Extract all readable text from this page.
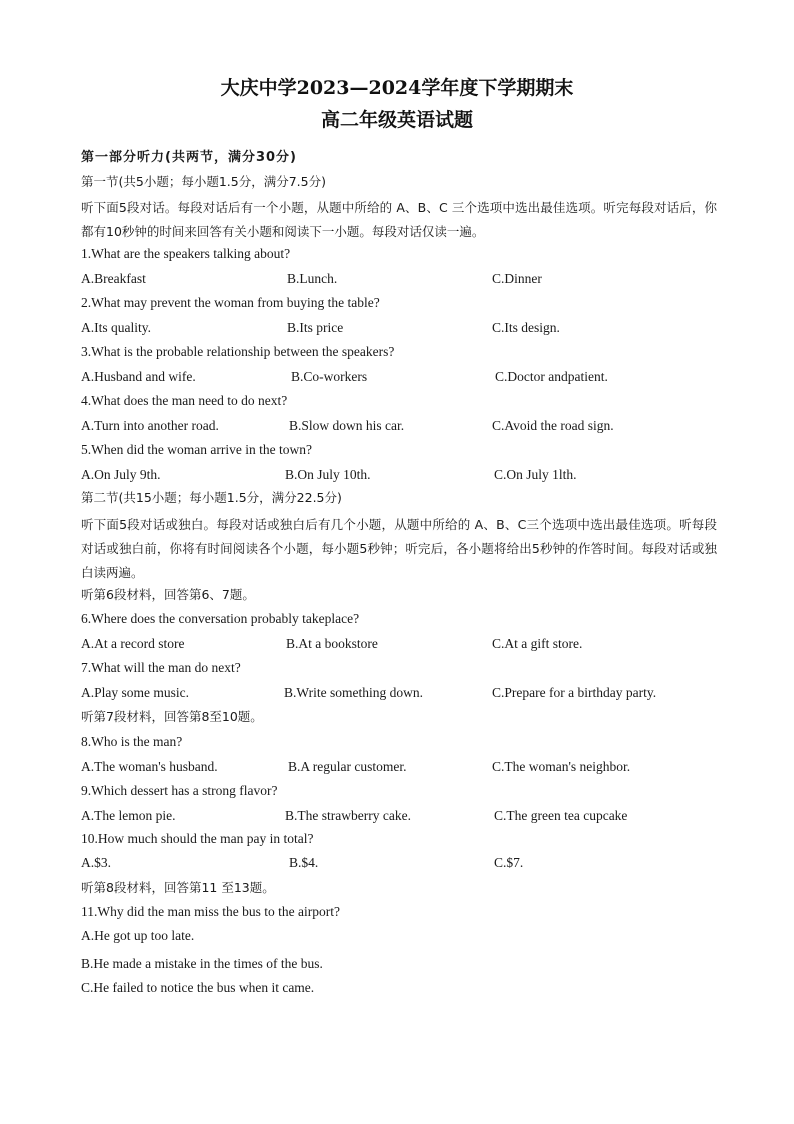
大庆中学2023—2024学年度下学期期末
高二年级英语试题
第一部分听力(共两节，满分30分)
第一节(共5小题；每小题1.5分，满分7.5分)
听下面5段对话。每段对话后有一个小题，从题中所给的 A、B、C 三个选项中选出最佳选项。听完每段对话后，你都有10秒钟的时间来回答有关小题和阅读下一小题。每段对话仅读一遍。
1.What are the speakers talking about?
A.Breakfast	B.Lunch.	C.Dinner
2.What may prevent the woman from buying the table?
A.Its quality.	B.Its price	C.Its design.
3.What is the probable relationship between the speakers?
A.Husband and wife.	B.Co-workers	C.Doctor andpatient.
4.What does the man need to do next?
A.Turn into another road.	B.Slow down his car.	C.Avoid the road sign.
5.When did the woman arrive in the town?
A.On July 9th.	B.On July 10th.	C.On July 1lth.
第二节(共15小题；每小题1.5分，满分22.5分)
听下面5段对话或独白。每段对话或独白后有几个小题，从题中所给的 A、B、C三个选项中选出最佳选项。听每段对话或独白前，你将有时间阅读各个小题，每小题5秒钟；听完后，各小题将给出5秒钟的作答时间。每段对话或独白读两遍。
听第6段材料，回答第6、7题。
6.Where does the conversation probably takeplace?
A.At a record store	B.At a bookstore	C.At a gift store.
7.What will the man do next?
A.Play some music.	B.Write something down.	C.Prepare for a birthday party.
听第7段材料，回答第8至10题。
8.Who is the man?
A.The woman's husband.	B.A regular customer.	C.The woman's neighbor.
9.Which dessert has a strong flavor?
A.The lemon pie.	B.The strawberry cake.	C.The green tea cupcake
10.How much should the man pay in total?
A.$3.	B.$4.	C.$7.
听第8段材料，回答第11 至13题。
11.Why did the man miss the bus to the airport?
A.He got up too late.
B.He made a mistake in the times of the bus.
C.He failed to notice the bus when it came.
